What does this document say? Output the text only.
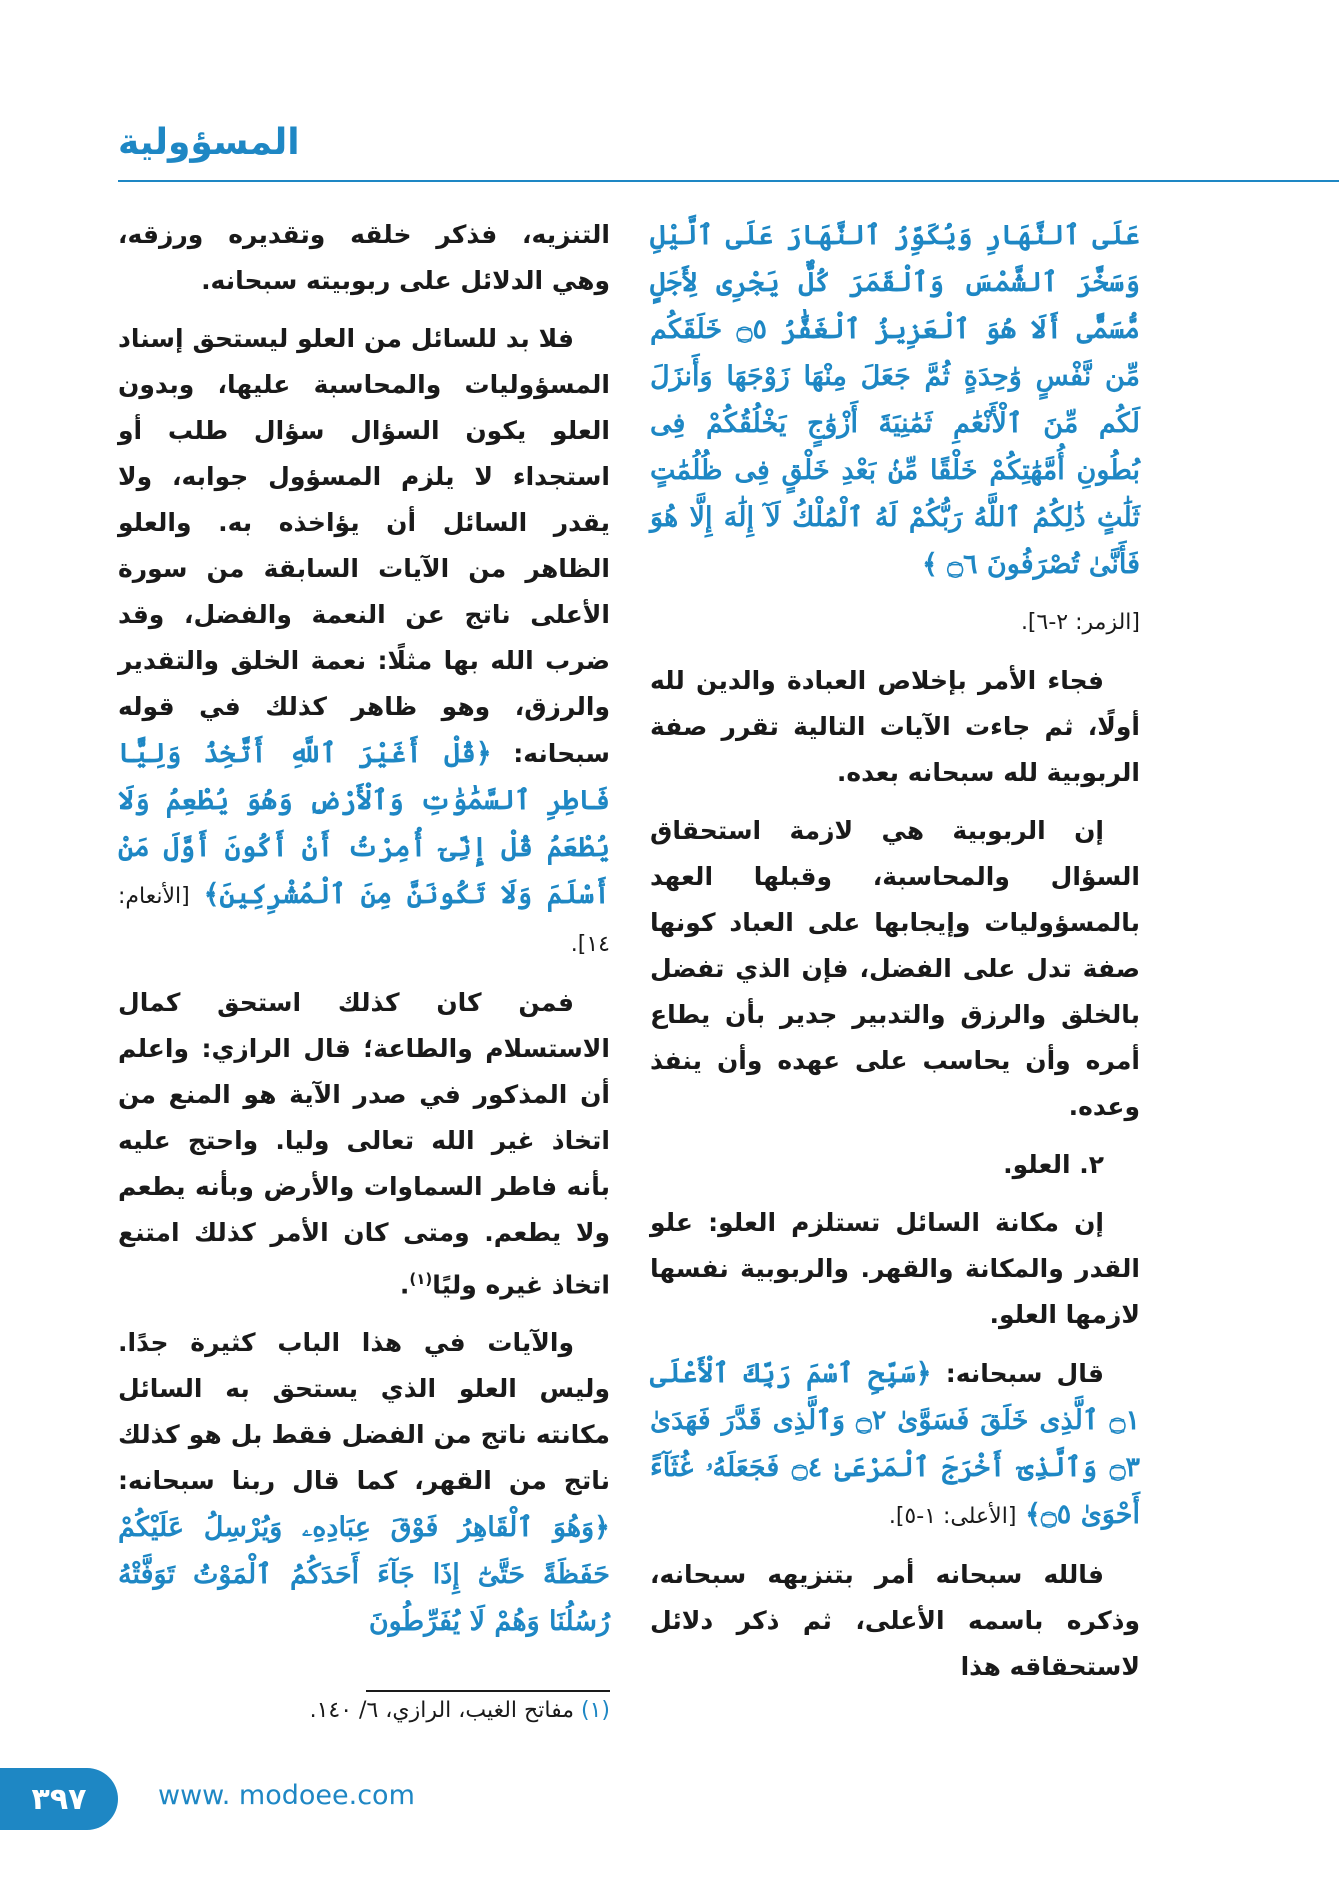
المسؤولية

عَلَى ٱلنَّهَارِ وَيُكَوِّرُ ٱلنَّهَارَ عَلَى ٱلَّيْلِ وَسَخَّرَ ٱلشَّمْسَ وَٱلْقَمَرَ كُلٌّ يَجْرِى لِأَجَلٍ مُّسَمًّى أَلَا هُوَ ٱلْعَزِيزُ ٱلْغَفَّٰرُ ۝٥ خَلَقَكُم مِّن نَّفْسٍ وَٰحِدَةٍ ثُمَّ جَعَلَ مِنْهَا زَوْجَهَا وَأَنزَلَ لَكُم مِّنَ ٱلْأَنْعَٰمِ ثَمَٰنِيَةَ أَزْوَٰجٍ يَخْلُقُكُمْ فِى بُطُونِ أُمَّهَٰتِكُمْ خَلْقًا مِّنۢ بَعْدِ خَلْقٍ فِى ظُلُمَٰتٍ ثَلَٰثٍ ذَٰلِكُمُ ٱللَّهُ رَبُّكُمْ لَهُ ٱلْمُلْكُ لَآ إِلَٰهَ إِلَّا هُوَ فَأَنَّىٰ تُصْرَفُونَ ۝٦ ﴾

[الزمر: ٢-٦].

فجاء الأمر بإخلاص العبادة والدين لله أولًا، ثم جاءت الآيات التالية تقرر صفة الربوبية لله سبحانه بعده.

إن الربوبية هي لازمة استحقاق السؤال والمحاسبة، وقبلها العهد بالمسؤوليات وإيجابها على العباد كونها صفة تدل على الفضل، فإن الذي تفضل بالخلق والرزق والتدبير جدير بأن يطاع أمره وأن يحاسب على عهده وأن ينفذ وعده.

٢. العلو.

إن مكانة السائل تستلزم العلو: علو القدر والمكانة والقهر. والربوبية نفسها لازمها العلو.

قال سبحانه: ﴿سَبِّحِ ٱسْمَ رَبِّكَ ٱلْأَعْلَى ۝١ ٱلَّذِى خَلَقَ فَسَوَّىٰ ۝٢ وَٱلَّذِى قَدَّرَ فَهَدَىٰ ۝٣ وَٱلَّذِىٓ أَخْرَجَ ٱلْمَرْعَىٰ ۝٤ فَجَعَلَهُۥ غُثَآءً أَحْوَىٰ ۝٥﴾ [الأعلى: ١-٥].

فالله سبحانه أمر بتنزيهه سبحانه، وذكره باسمه الأعلى، ثم ذكر دلائل لاستحقاقه هذا

التنزيه، فذكر خلقه وتقديره ورزقه، وهي الدلائل على ربوبيته سبحانه.

فلا بد للسائل من العلو ليستحق إسناد المسؤوليات والمحاسبة عليها، وبدون العلو يكون السؤال سؤال طلب أو استجداء لا يلزم المسؤول جوابه، ولا يقدر السائل أن يؤاخذه به. والعلو الظاهر من الآيات السابقة من سورة الأعلى ناتج عن النعمة والفضل، وقد ضرب الله بها مثلًا: نعمة الخلق والتقدير والرزق، وهو ظاهر كذلك في قوله سبحانه: ﴿قُلْ أَغَيْرَ ٱللَّهِ أَتَّخِذُ وَلِيًّا فَاطِرِ ٱلسَّمَٰوَٰتِ وَٱلْأَرْضِ وَهُوَ يُطْعِمُ وَلَا يُطْعَمُ قُلْ إِنِّىٓ أُمِرْتُ أَنْ أَكُونَ أَوَّلَ مَنْ أَسْلَمَ وَلَا تَكُونَنَّ مِنَ ٱلْمُشْرِكِينَ﴾ [الأنعام: ١٤].

فمن كان كذلك استحق كمال الاستسلام والطاعة؛ قال الرازي: واعلم أن المذكور في صدر الآية هو المنع من اتخاذ غير الله تعالى وليا. واحتج عليه بأنه فاطر السماوات والأرض وبأنه يطعم ولا يطعم. ومتى كان الأمر كذلك امتنع اتخاذ غيره وليًا$^{(١)}$.

والآيات في هذا الباب كثيرة جدًا. وليس العلو الذي يستحق به السائل مكانته ناتج من الفضل فقط بل هو كذلك ناتج من القهر، كما قال ربنا سبحانه: ﴿وَهُوَ ٱلْقَاهِرُ فَوْقَ عِبَادِهِۦ وَيُرْسِلُ عَلَيْكُمْ حَفَظَةً حَتَّىٰٓ إِذَا جَآءَ أَحَدَكُمُ ٱلْمَوْتُ تَوَفَّتْهُ رُسُلُنَا وَهُمْ لَا يُفَرِّطُونَ

(١) مفاتح الغيب، الرازي، ٦/ ١٤٠.
٣٩٧	www. modoee.com
